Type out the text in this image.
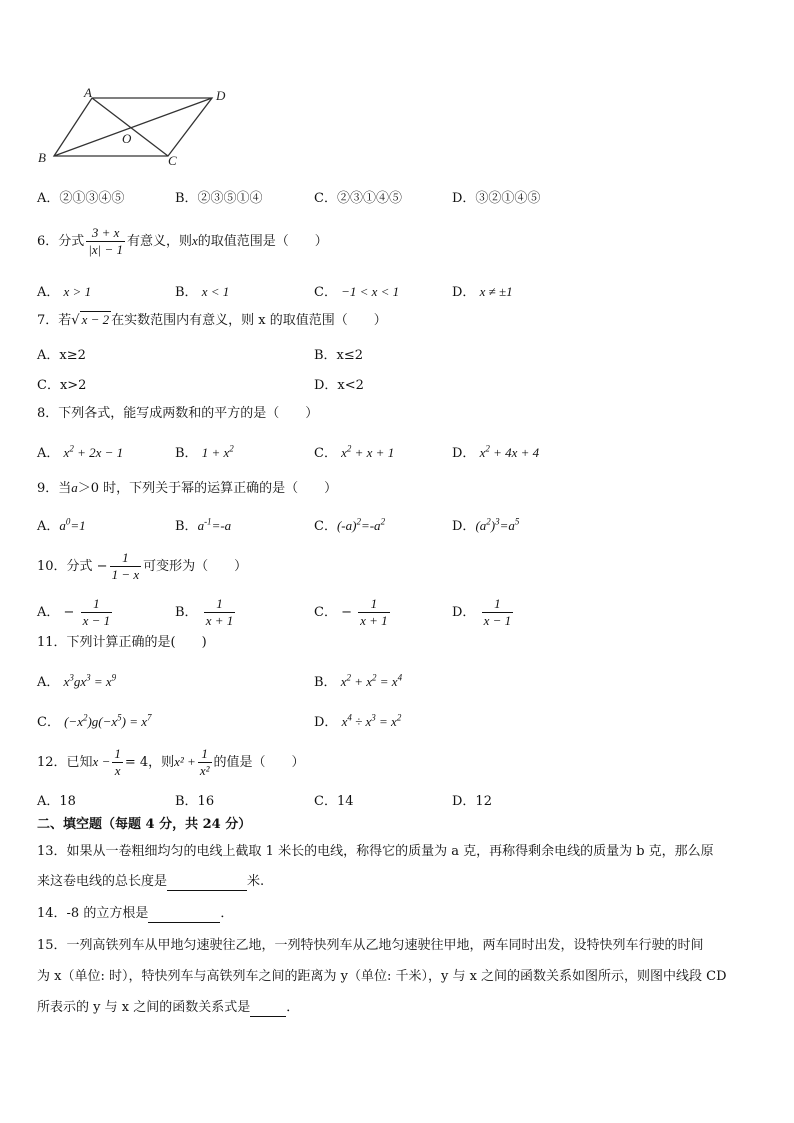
A	D
B	C
O
A．②①③④⑤	B．②③⑤①④	C．②③①④⑤	D．③②①④⑤
6．分式 $\frac{3 + x}{|x| - 1}$ 有意义，则x的取值范围是（　　）
A． x > 1	B． x < 1	C． −1 < x < 1	D． x ≠ ±1
7．若√ x − 2 在实数范围内有意义，则 x 的取值范围（　　）
A．x≥2	B．x≤2
C．x>2	D．x<2
8．下列各式，能写成两数和的平方的是（　　）
A． $x^2 + 2x - 1$	B． $1 + x^2$	C． $x^2 + x + 1$	D． $x^2 + 4x + 4$
9．当a＞0 时，下列关于幂的运算正确的是（　　）
A．$a^0=1$	B．$a^{-1}=-a$	C．$(-a)^2=-a^2$	D．$(a^2)^3=a^5$
10．分式 − $\frac{1}{1 - x}$ 可变形为（　　）
A． − $\frac{1}{x - 1}$	B． $\frac{1}{x + 1}$	C． − $\frac{1}{x + 1}$	D． $\frac{1}{x - 1}$
11．下列计算正确的是(　　)
A． $x^3gx^3 = x^9$	B． $x^2 + x^2 = x^4$
C． $(-x^2)g(-x^5) = x^7$	D． $x^4 \div x^3 = x^2$
12．已知$x - \frac{1}{x} = 4$，则$x^2 + \frac{1}{\text{x²}}$ 的值是（　　）
A．18	B．16	C．14	D．12
二、填空题（每题 4 分，共 24 分）
13．如果从一卷粗细均匀的电线上截取 1 米长的电线，称得它的质量为 a 克，再称得剩余电线的质量为 b 克，那么原
来这卷电线的总长度是	米.
14．-8 的立方根是	．
15．一列高铁列车从甲地匀速驶往乙地，一列特快列车从乙地匀速驶往甲地，两车同时出发，设特快列车行驶的时间
为 x（单位: 时），特快列车与高铁列车之间的距离为 y（单位: 千米），y 与 x 之间的函数关系如图所示，则图中线段 CD
所表示的 y 与 x 之间的函数关系式是	．
